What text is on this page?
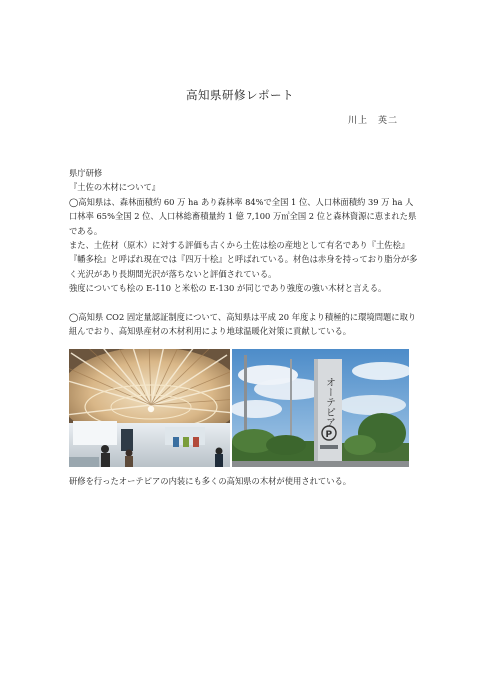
高知県研修レポート
川上　英二

県庁研修

『土佐の木材について』

◯高知県は、森林面積約 60 万 ha あり森林率 84%で全国 1 位、人口林面積約 39 万 ha 人口林率 65%全国 2 位、人口林総畜積量約 1 億 7,100 万㎥全国 2 位と森林資源に恵まれた県である。

また、土佐材（原木）に対する評価も古くから土佐は桧の産地として有名であり『土佐桧』『幡多桧』と呼ばれ現在では『四万十桧』と呼ばれている。材色は赤身を持っており脂分が多く光沢があり長期間光沢が落ちないと評価されている。

強度についても桧の E-110 と米松の E-130 が同じであり強度の強い木材と言える。

◯高知県 CO2 固定量認証制度について、高知県は平成 20 年度より積極的に環境問題に取り組んでおり、高知県産材の木材利用により地球温暖化対策に貢献している。

オーテピア
P
研修を行ったオーテピアの内装にも多くの高知県の木材が使用されている。
